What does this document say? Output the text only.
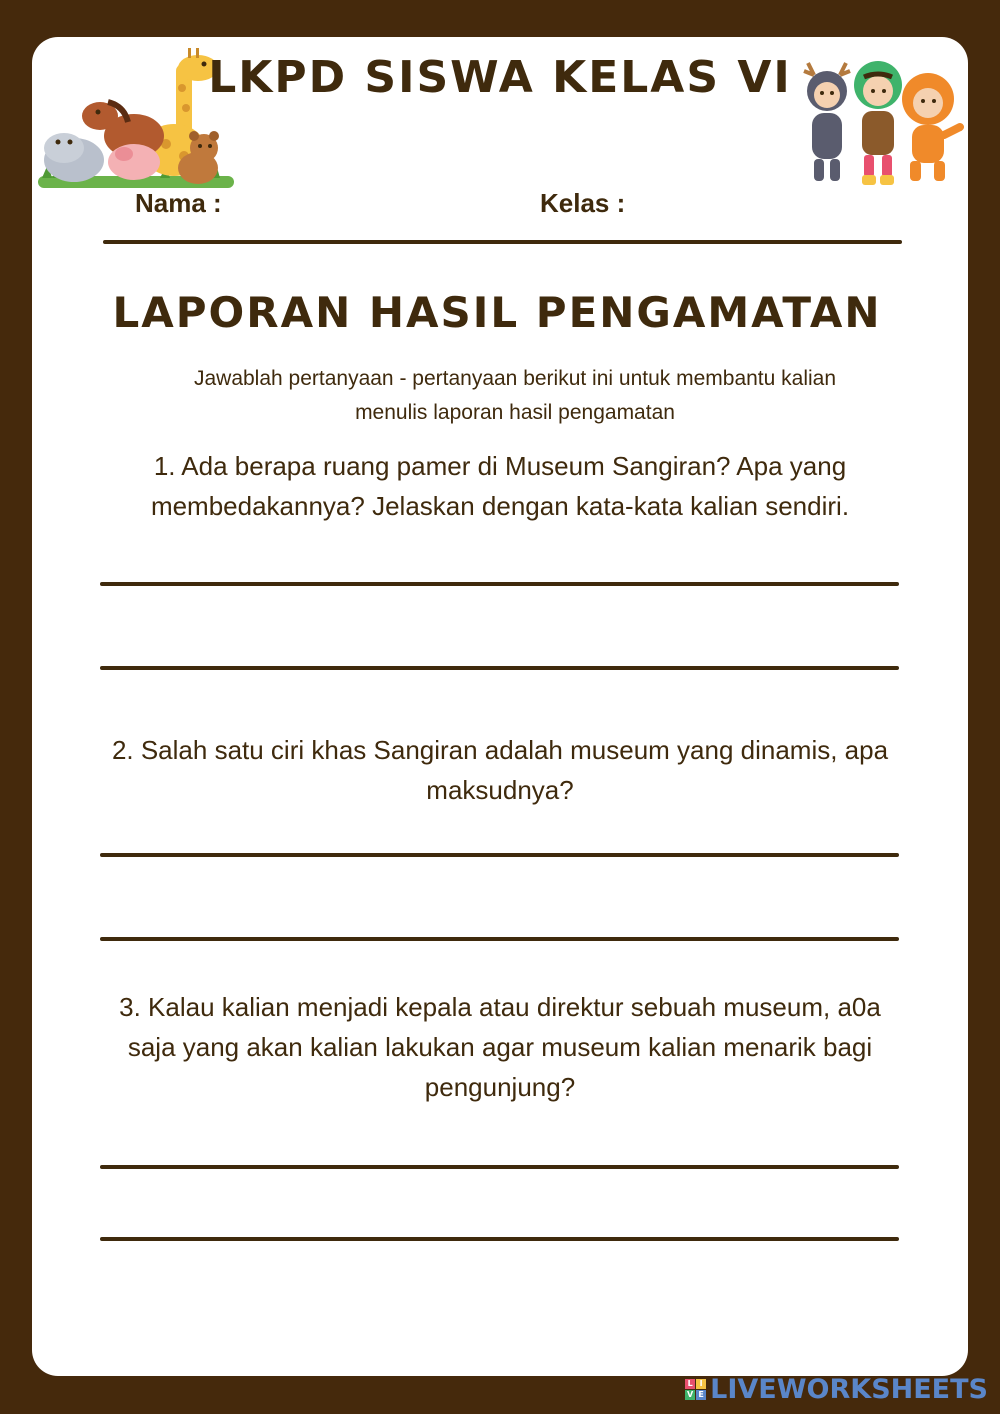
LKPD SISWA KELAS VI
Nama :	Kelas :
LAPORAN HASIL PENGAMATAN
Jawablah pertanyaan - pertanyaan berikut ini untuk membantu kalian
menulis laporan hasil pengamatan
1. Ada berapa ruang pamer di Museum Sangiran? Apa yang
membedakannya? Jelaskan dengan kata-kata kalian sendiri.
2. Salah satu ciri khas Sangiran adalah museum yang dinamis, apa
maksudnya?
3. Kalau kalian menjadi kepala atau direktur sebuah museum, a0a
saja yang akan kalian lakukan agar museum kalian menarik bagi
pengunjung?
L I
V E LIVEWORKSHEETS
